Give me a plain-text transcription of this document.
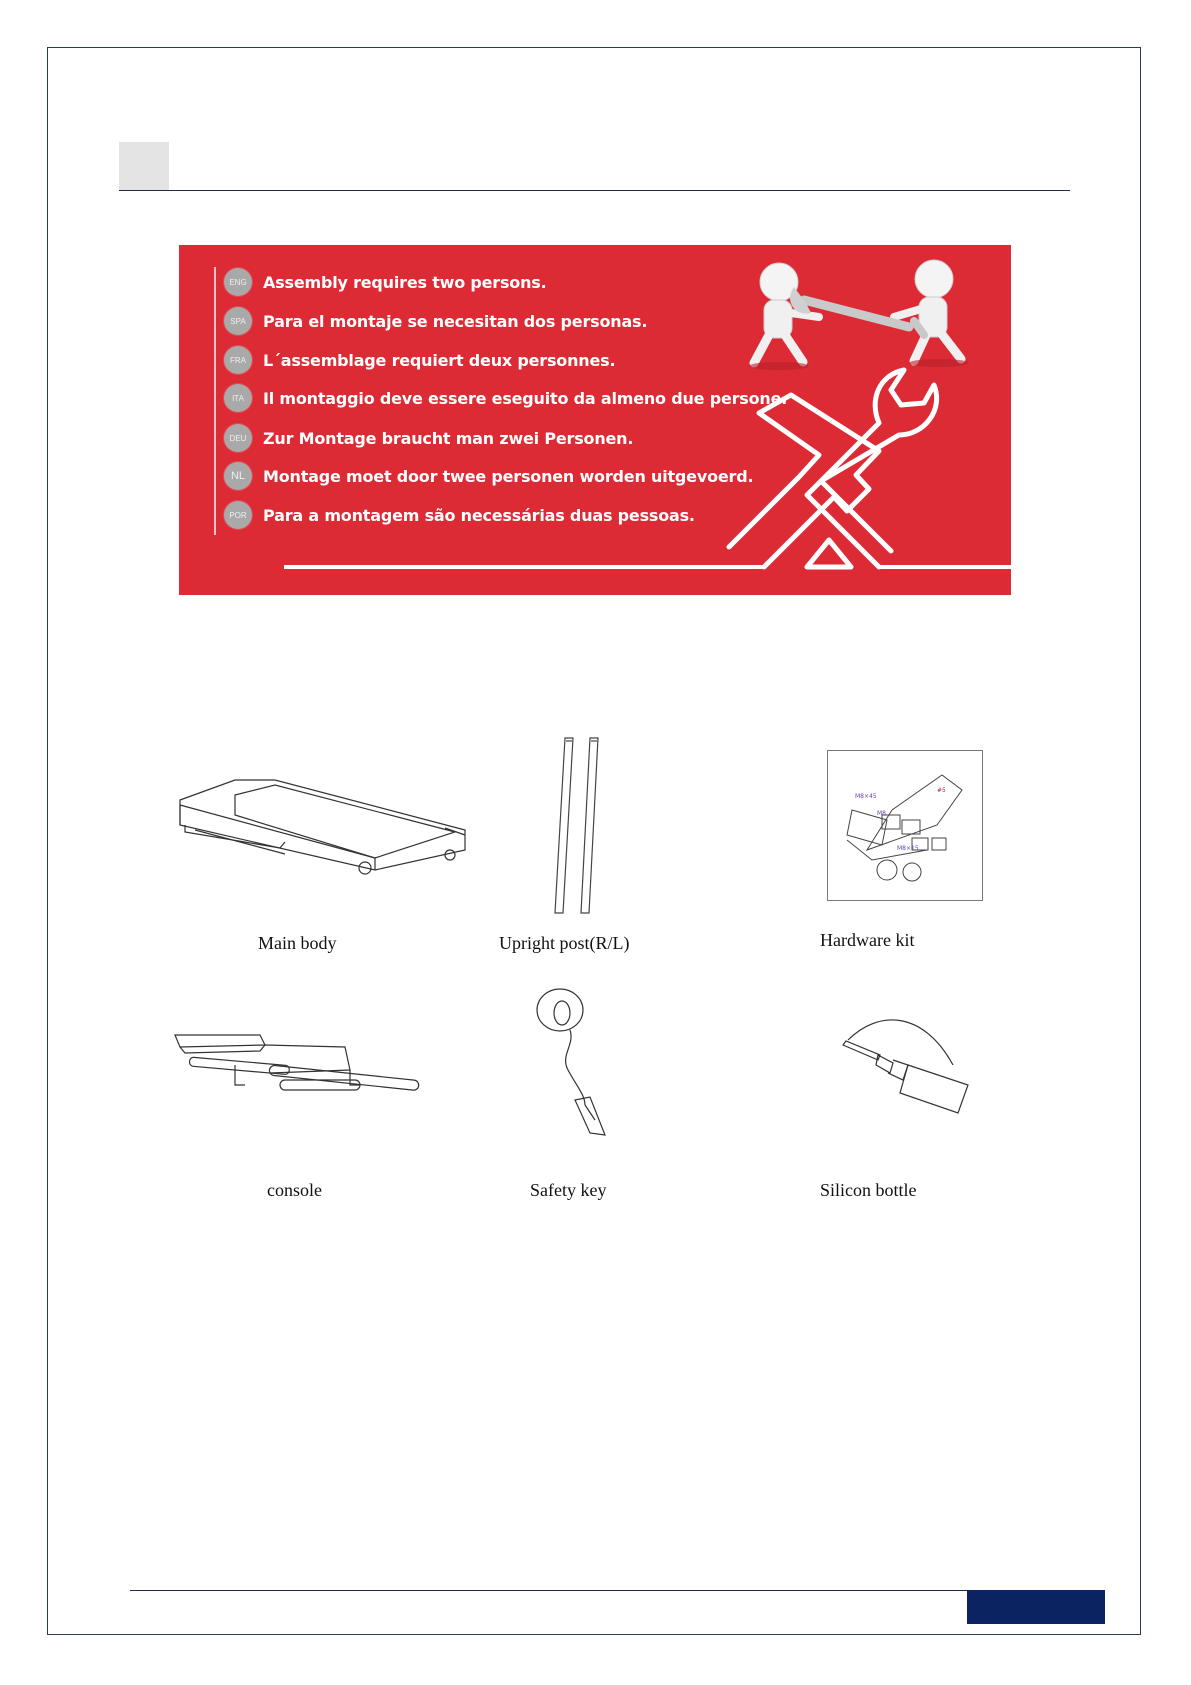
ENG	Assembly requires two persons.
SPA	Para el montaje se necesitan dos personas.
FRA	L´assemblage requiert deux personnes.
ITA	Il montaggio deve essere eseguito da almeno due persone.
DEU	Zur Montage braucht man zwei Personen.
NL	Montage moet door twee personen worden uitgevoerd.
POR	Para a montagem são necessárias duas pessoas.
M8×45
M8
M8×15
#5
Main body	Upright post(R/L)	Hardware kit
console	Safety key	Silicon bottle
